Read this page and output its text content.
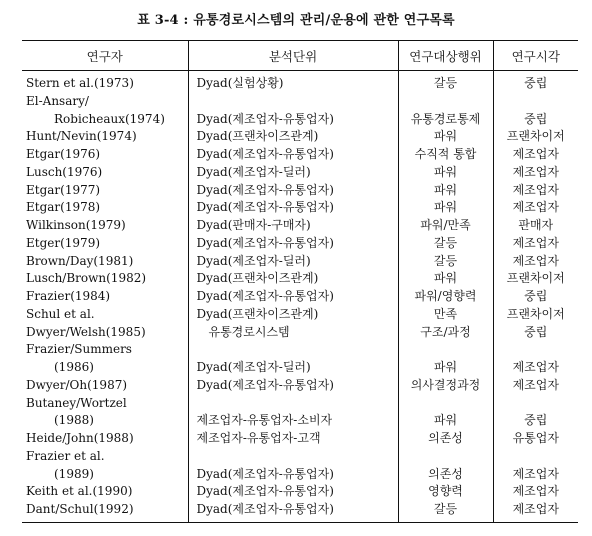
표 3-4 : 유통경로시스템의 관리/운용에 관한 연구목록
연구자	분석단위	연구대상행위	연구시각
Stern et al.(1973)	Dyad(실험상황)	갈등	중립
El-Ansary/			
Robicheaux(1974)	Dyad(제조업자-유통업자)	유통경로통제	중립
Hunt/Nevin(1974)	Dyad(프랜차이즈관계)	파워	프랜차이저
Etgar(1976)	Dyad(제조업자-유통업자)	수직적 통합	제조업자
Lusch(1976)	Dyad(제조업자-딜러)	파워	제조업자
Etgar(1977)	Dyad(제조업자-유통업자)	파워	제조업자
Etgar(1978)	Dyad(제조업자-유통업자)	파워	제조업자
Wilkinson(1979)	Dyad(판매자-구매자)	파워/만족	판매자
Etger(1979)	Dyad(제조업자-유통업자)	갈등	제조업자
Brown/Day(1981)	Dyad(제조업자-딜러)	갈등	제조업자
Lusch/Brown(1982)	Dyad(프랜차이즈관계)	파워	프랜차이저
Frazier(1984)	Dyad(제조업자-유통업자)	파워/영향력	중립
Schul et al.	Dyad(프랜차이즈관계)	만족	프랜차이저
Dwyer/Welsh(1985)	유통경로시스템	구조/과정	중립
Frazier/Summers			
(1986)	Dyad(제조업자-딜러)	파워	제조업자
Dwyer/Oh(1987)	Dyad(제조업자-유통업자)	의사결정과정	제조업자
Butaney/Wortzel			
(1988)	제조업자-유통업자-소비자	파워	중립
Heide/John(1988)	제조업자-유통업자-고객	의존성	유통업자
Frazier et al.			
(1989)	Dyad(제조업자-유통업자)	의존성	제조업자
Keith et al.(1990)	Dyad(제조업자-유통업자)	영향력	제조업자
Dant/Schul(1992)	Dyad(제조업자-유통업자)	갈등	제조업자
